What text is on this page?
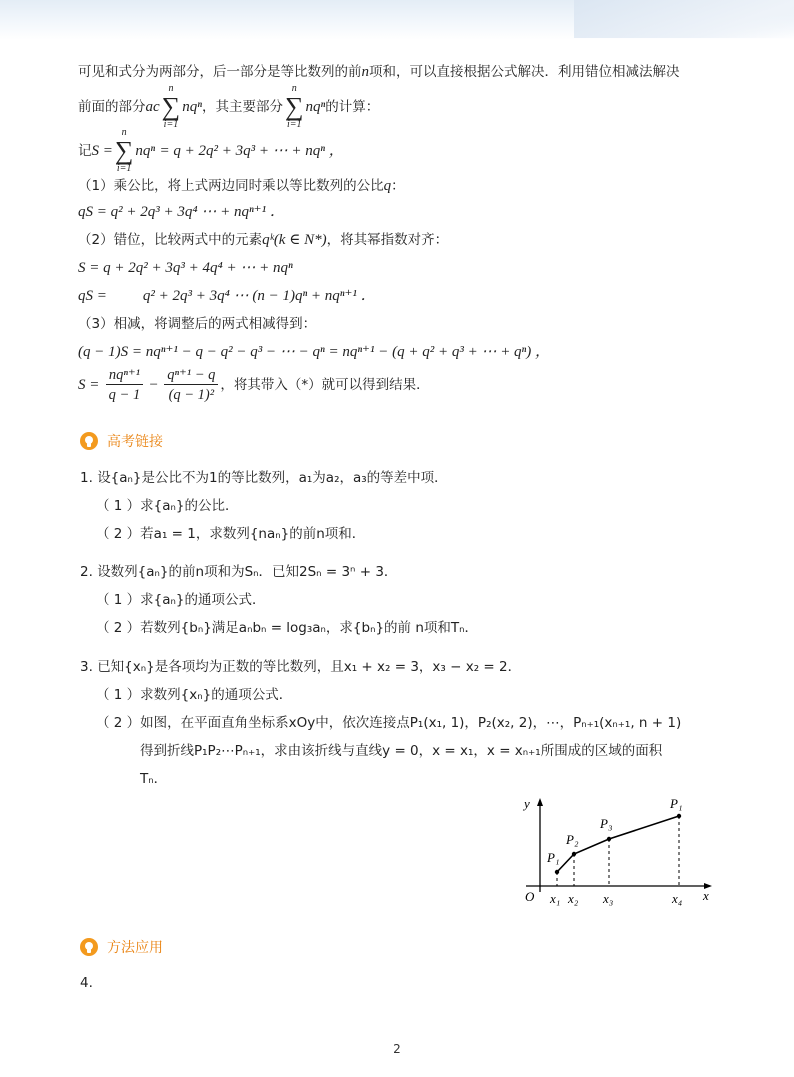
可见和式分为两部分，后一部分是等比数列的前n项和，可以直接根据公式解决．利用错位相减法解决
前面的部分ac
n
∑
i=1
nqⁿ，其主要部分
n
∑
i=1
nqⁿ的计算：
记S =
n
∑
i=1
nqⁿ = q + 2q² + 3q³ + ⋯ + nqⁿ ，
（1）乘公比，将上式两边同时乘以等比数列的公比q：
qS = q² + 2q³ + 3q⁴ ⋯ + nqⁿ⁺¹ ．
（2）错位，比较两式中的元素qᵏ(k ∈ N*)，将其幂指数对齐：
S = q + 2q² + 3q³ + 4q⁴ + ⋯ + nqⁿ
qS = q² + 2q³ + 3q⁴ ⋯ (n − 1)qⁿ + nqⁿ⁺¹ ．
（3）相减，将调整后的两式相减得到：
(q − 1)S = nqⁿ⁺¹ − q − q² − q³ − ⋯ − qⁿ = nqⁿ⁺¹ − (q + q² + q³ + ⋯ + qⁿ) ，
$S = \frac{\text{nqⁿ⁺¹}}{q - 1} - \frac{\text{qⁿ⁺¹ − q}}{\text{(q − 1)²}}$ ，将其带入（*）就可以得到结果．
高考链接
1. 设{aₙ}是公比不为1的等比数列，a₁为a₂，a₃的等差中项．
（ 1 ）求{aₙ}的公比．
（ 2 ）若a₁ = 1，求数列{naₙ}的前n项和．
2. 设数列{aₙ}的前n项和为Sₙ．已知2Sₙ = 3ⁿ + 3．
（ 1 ）求{aₙ}的通项公式．
（ 2 ）若数列{bₙ}满足aₙbₙ = log₃aₙ，求{bₙ}的前 n项和Tₙ．
3. 已知{xₙ}是各项均为正数的等比数列，且x₁ + x₂ = 3，x₃ − x₂ = 2．
（ 1 ）求数列{xₙ}的通项公式．
（ 2 ）如图，在平面直角坐标系xOy中，依次连接点P₁(x₁, 1)，P₂(x₂, 2)，⋯，Pₙ₊₁(xₙ₊₁, n + 1)
得到折线P₁P₂⋯Pₙ₊₁，求由该折线与直线y = 0，x = x₁，x = xₙ₊₁所围成的区域的面积
Tₙ．
y
x
O
P₁
P₂
P₃
P₁
x₁ x₂ x₃	x₄
方法应用
4.
2
